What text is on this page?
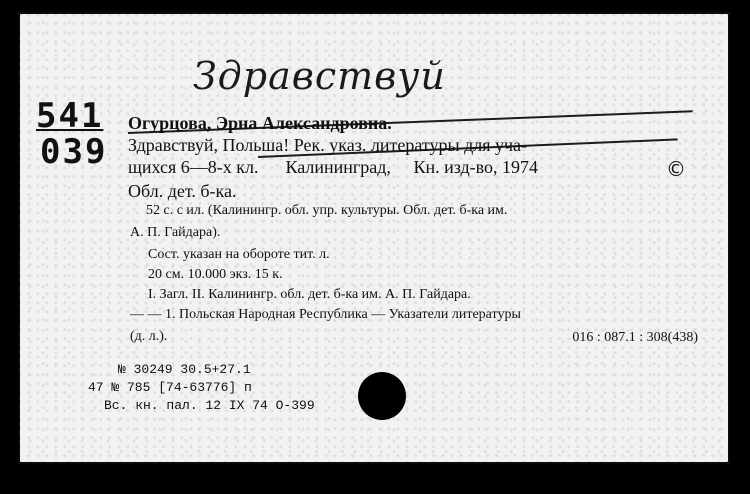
Здравствуй
541
039
Огурцова, Эрна Александровна.
Здравствуй, Польша! Рек. указ. литературы для уча-
щихся 6—8-х кл. Калининград, Кн. изд-во, 1974	©
Обл. дет. б-ка.
52 с. с ил. (Калинингр. обл. упр. культуры. Обл. дет. б-ка им.
А. П. Гайдара).
Сост. указан на обороте тит. л.
20 см. 10.000 экз. 15 к.
I. Загл. II. Калинингр. обл. дет. б-ка им. А. П. Гайдара.
— — 1. Польская Народная Республика — Указатели литературы
(д. л.).	016 : 087.1 : 308(438)
№ 30249 30.5+27.1
47 № 785 [74-63776] п
Вс. кн. пал. 12 IX 74 О-399
